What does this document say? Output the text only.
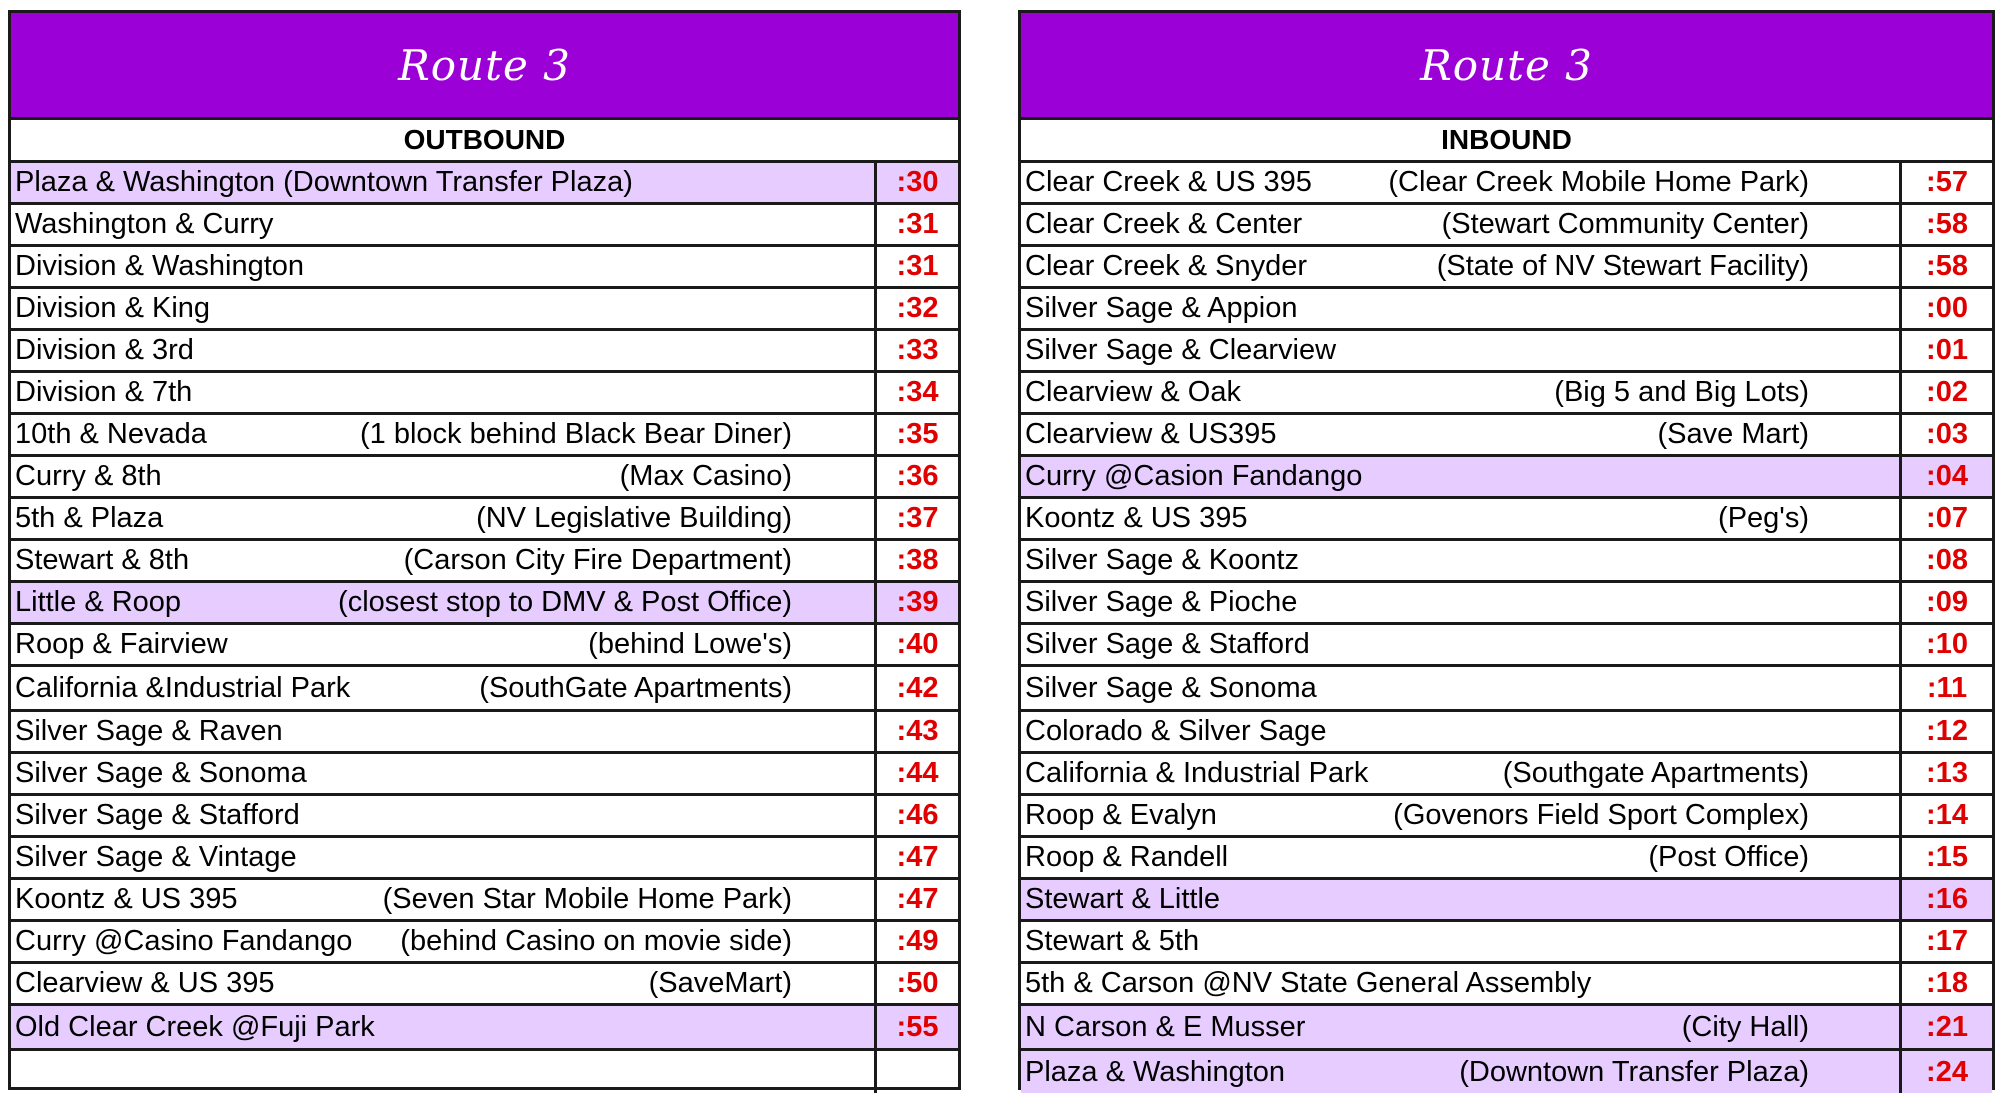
Route 3
OUTBOUND
Plaza & Washington (Downtown Transfer Plaza)	:30
Washington & Curry	:31
Division & Washington	:31
Division & King	:32
Division & 3rd	:33
Division & 7th	:34
10th & Nevada	(1 block behind Black Bear Diner)	:35
Curry & 8th	(Max Casino)	:36
5th & Plaza	(NV Legislative Building)	:37
Stewart & 8th	(Carson City Fire Department)	:38
Little & Roop	(closest stop to DMV & Post Office)	:39
Roop & Fairview	(behind Lowe's)	:40
California &Industrial Park	(SouthGate Apartments)	:42
Silver Sage & Raven	:43
Silver Sage & Sonoma	:44
Silver Sage & Stafford	:46
Silver Sage & Vintage	:47
Koontz & US 395	(Seven Star Mobile Home Park)	:47
Curry @Casino Fandango (behind Casino on movie side)	:49
Clearview & US 395	(SaveMart)	:50
Old Clear Creek @Fuji Park	:55
Route 3
INBOUND
Clear Creek & US 395	(Clear Creek Mobile Home Park)	:57
Clear Creek & Center	(Stewart Community Center)	:58
Clear Creek & Snyder	(State of NV Stewart Facility)	:58
Silver Sage & Appion	:00
Silver Sage & Clearview	:01
Clearview & Oak	(Big 5 and Big Lots)	:02
Clearview & US395	(Save Mart)	:03
Curry @Casion Fandango	:04
Koontz & US 395	(Peg's)	:07
Silver Sage & Koontz	:08
Silver Sage & Pioche	:09
Silver Sage & Stafford	:10
Silver Sage & Sonoma	:11
Colorado & Silver Sage	:12
California & Industrial Park	(Southgate Apartments)	:13
Roop & Evalyn	(Govenors Field Sport Complex)	:14
Roop & Randell	(Post Office)	:15
Stewart & Little	:16
Stewart & 5th	:17
5th & Carson @NV State General Assembly	:18
N Carson & E Musser	(City Hall)	:21
Plaza & Washington	(Downtown Transfer Plaza)	:24
